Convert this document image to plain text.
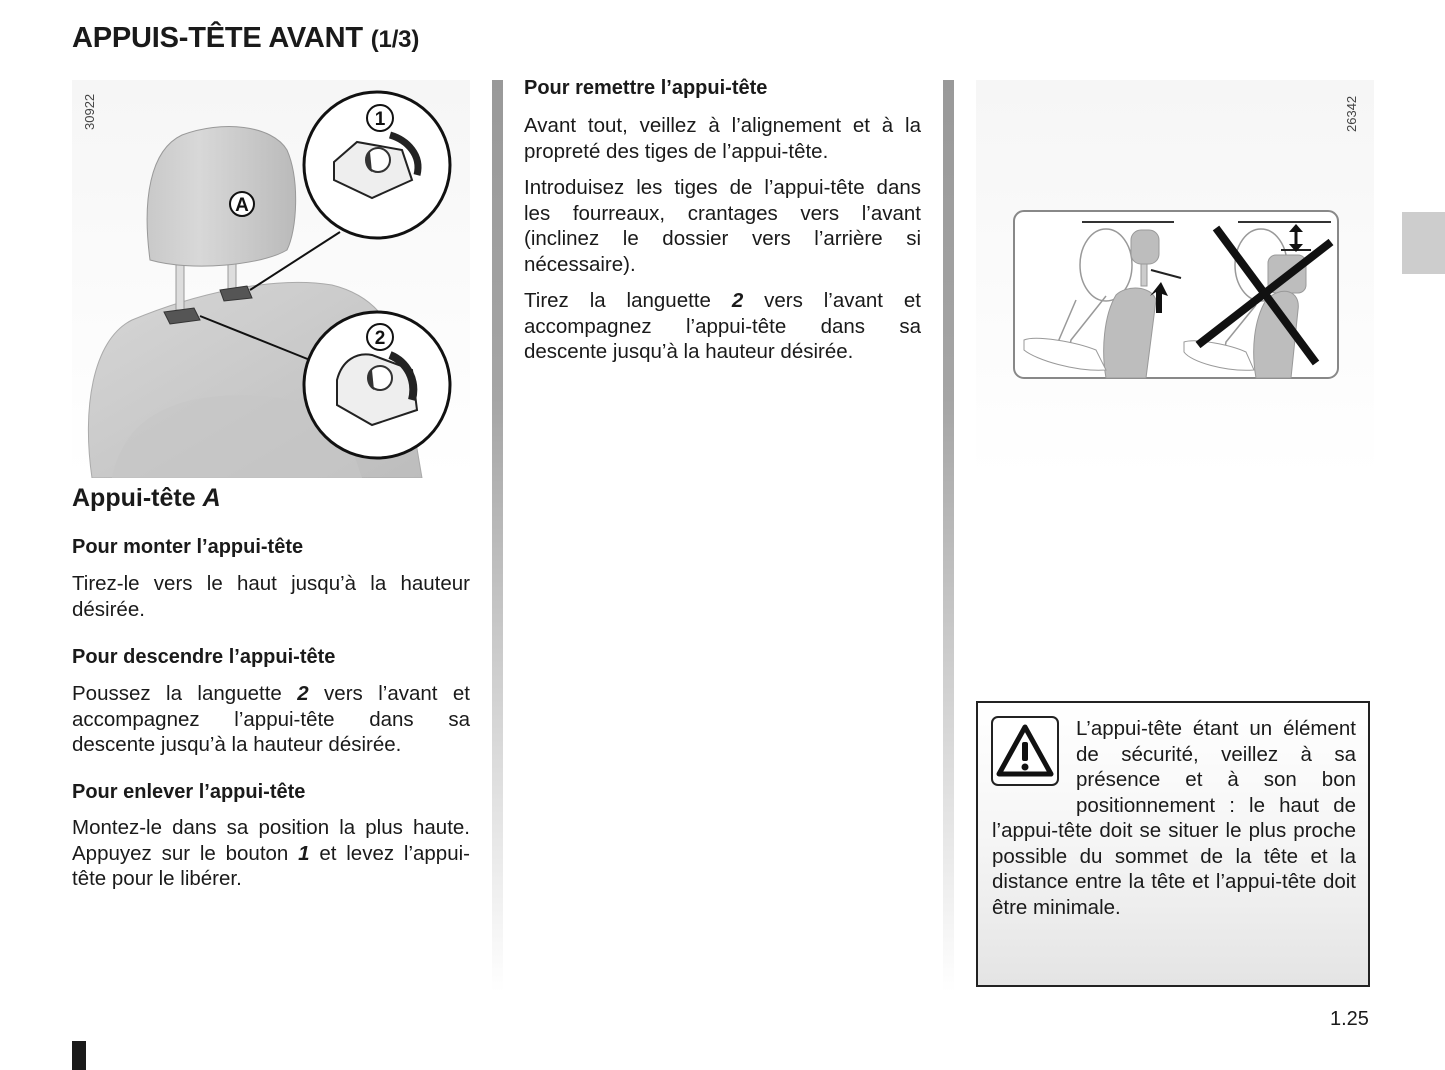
APPUIS-TÊTE AVANT (1/3)
A
1
2
30922
Appui-tête A
Pour monter l’appui-tête
Tirez-le vers le haut jusqu’à la hauteur désirée.
Pour descendre l’appui-tête
Poussez la languette 2 vers l’avant et accompagnez l’appui-tête dans sa descente jusqu’à la hauteur désirée.
Pour enlever l’appui-tête
Montez-le dans sa position la plus haute. Appuyez sur le bouton 1 et levez l’appui-tête pour le libérer.
Pour remettre l’appui-tête
Avant tout, veillez à l’alignement et à la propreté des tiges de l’appui-tête.
Introduisez les tiges de l’appui-tête dans les fourreaux, crantages vers l’avant (inclinez le dossier vers l’arrière si nécessaire).
Tirez la languette 2 vers l’avant et accompagnez l’appui-tête dans sa descente jusqu’à la hauteur désirée.
26342
L’appui-tête étant un élément de sécurité, veillez à sa présence et à son bon positionnement : le haut de l’appui-tête doit se situer le plus proche possible du sommet de la tête et la distance entre la tête et l’appui-tête doit être minimale.
1.25
